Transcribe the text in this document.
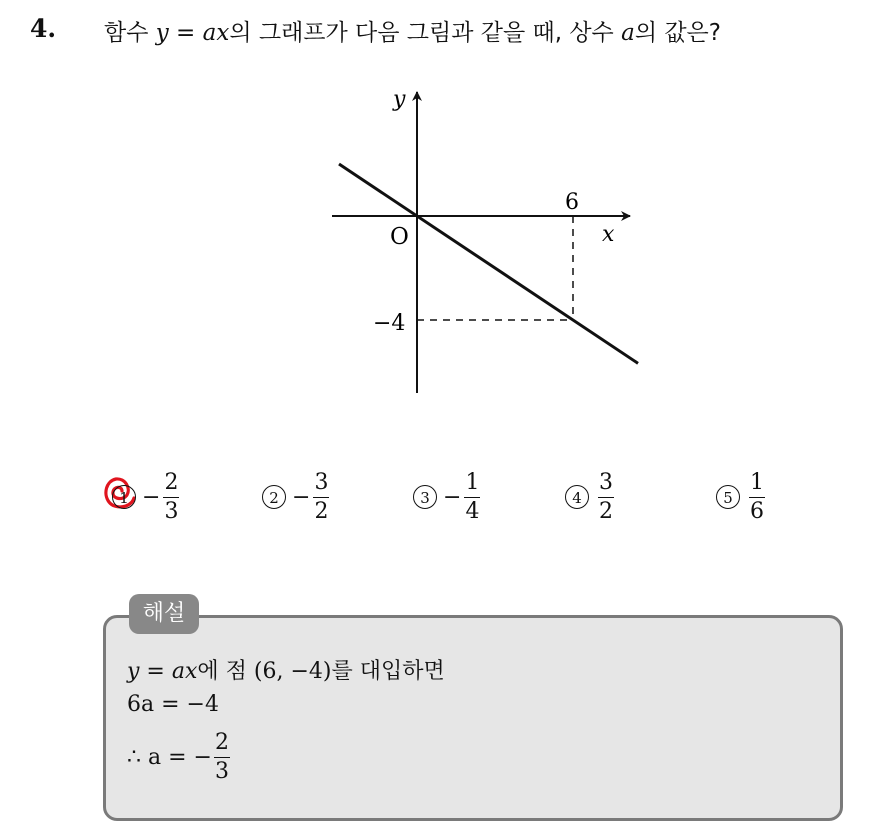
4. 함수 y = ax의 그래프가 다음 그림과 같을 때, 상수 a의 값은?
y
x
O
6
−4
$1 - \frac{2}{3}$	$2 - \frac{3}{2}$	$3 - \frac{1}{4}$	$4 \frac{3}{2}$	$5 \frac{1}{6}$
해설
y = ax에 점 (6, −4)를 대입하면
6a = −4
∴ a = − $\frac{2}{3}$
